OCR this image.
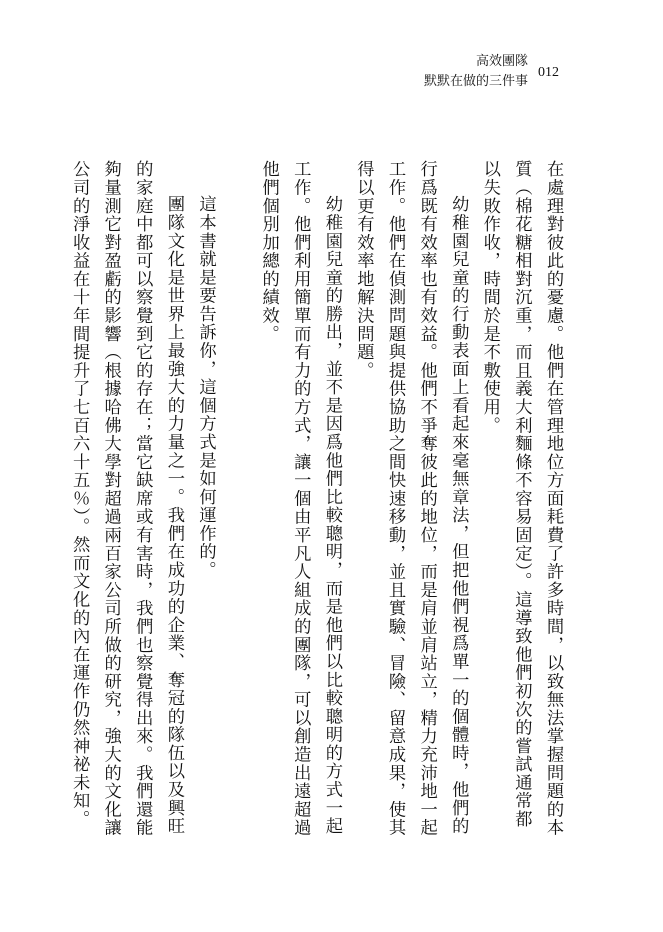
高效團隊
默默在做的三件事
012

在處理對彼此的憂慮。他們在管理地位方面耗費了許多時間，以致無法掌握問題的本質（棉花糖相對沉重，而且義大利麵條不容易固定）。這導致他們初次的嘗試通常都以失敗作收，時間於是不敷使用。

幼稚園兒童的行動表面上看起來毫無章法，但把他們視爲單一的個體時，他們的行爲既有效率也有效益。他們不爭奪彼此的地位，而是肩並肩站立，精力充沛地一起工作。他們在偵測問題與提供協助之間快速移動，並且實驗、冒險、留意成果，使其得以更有效率地解決問題。

幼稚園兒童的勝出，並不是因爲他們比較聰明，而是他們以比較聰明的方式一起工作。他們利用簡單而有力的方式，讓一個由平凡人組成的團隊，可以創造出遠超過他們個別加總的績效。

這本書就是要告訴你，這個方式是如何運作的。

團隊文化是世界上最強大的力量之一。我們在成功的企業、奪冠的隊伍以及興旺的家庭中都可以察覺到它的存在；當它缺席或有害時，我們也察覺得出來。我們還能夠量測它對盈虧的影響（根據哈佛大學對超過兩百家公司所做的研究，強大的文化讓公司的淨收益在十年間提升了七百六十五％）。然而文化的內在運作仍然神祕未知。
